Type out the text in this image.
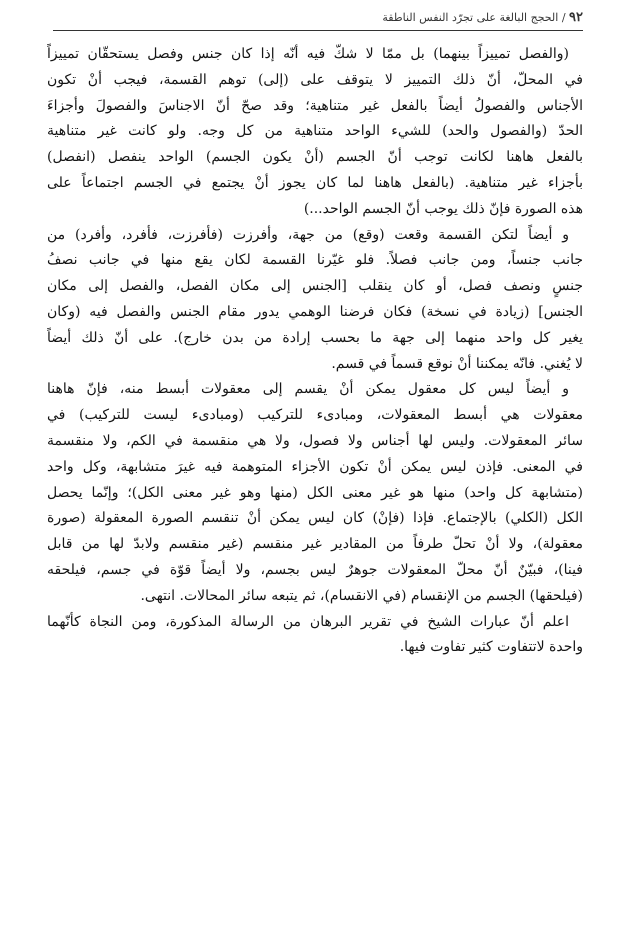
٩٢ / الحجج البالغة على تجرّد النفس الناطقة
(والفصل تمييزاً بينهما) بل ممّا لا شكّ فيه أنّه إذا كان جنس وفصل يستحقّان تمييزاً
في المحلّ، أنّ ذلك التمييز لا يتوقف على (إلى) توهم القسمة، فيجب أنْ تكون
الأجناس والفصولُ أيضاً بالفعل غير متناهية؛ وقد صحّ أنّ الاجناسَ والفصولَ وأجزاءَ
الحدّ (والفصول والحد) للشيء الواحد متناهية من كل وجه. ولو كانت غير متناهية
بالفعل هاهنا لكانت توجب أنّ الجسم (أنْ يكون الجسم) الواحد ينفصل (انفصل)
بأجزاء غير متناهية. (بالفعل هاهنا لما كان يجوز أنْ يجتمع في الجسم اجتماعاً على
هذه الصورة فإنّ ذلك يوجب أنّ الجسم الواحد...)
و أيضاً لتكن القسمة وقعت (وقع) من جهة، وأفرزت (فأفرزت، فأفرد، وأفرد) من
جانب جنساً، ومن جانب فصلاً. فلو غيّرنا القسمة لكان يقع منها في جانب نصفُ
جنسٍ ونصف فصل، أو كان ينقلب [الجنس إلى مكان الفصل، والفصل إلى مكان
الجنس] (زيادة في نسخة) فكان فرضنا الوهمي يدور مقام الجنس والفصل فيه (وكان
يغير كل واحد منهما إلى جهة ما بحسب إرادة من بدن خارج). على أنّ ذلك أيضاً
لا يُغني. فانّه يمكننا أنْ نوقع قسماً في قسم.
و أيضاً ليس كل معقول يمكن أنْ يقسم إلى معقولات أبسط منه، فإنّ هاهنا
معقولات هي أبسط المعقولات، ومبادىء للتركيب (ومبادىء ليست للتركيب) في
سائر المعقولات. وليس لها أجناس ولا فصول، ولا هي منقسمة في الكم، ولا منقسمة
في المعنى. فإذن ليس يمكن أنْ تكون الأجزاء المتوهمة فيه غيرَ متشابهة، وكل واحد
(متشابهة كل واحد) منها هو غير معنى الكل (منها وهو غير معنى الكل)؛ وإنّما يحصل
الكل (الكلي) بالإجتماع. فإذا (فإنْ) كان ليس يمكن أنْ تنقسم الصورة المعقولة (صورة
معقولة)، ولا أنْ تحلّ طرفاً من المقادير غير منقسم (غير منقسم ولابدّ لها من قابل
فينا)، فبيّنٌ أنّ محلّ المعقولات جوهرٌ ليس بجسم، ولا أيضاً قوّة في جسم، فيلحقه
(فيلحقها) الجسم من الإنقسام (في الانقسام)، ثم يتبعه سائر المحالات. انتهى.
اعلم أنّ عبارات الشيخ في تقرير البرهان من الرسالة المذكورة، ومن النجاة كأنّهما
واحدة لاتتفاوت كثير تفاوت فيها.
